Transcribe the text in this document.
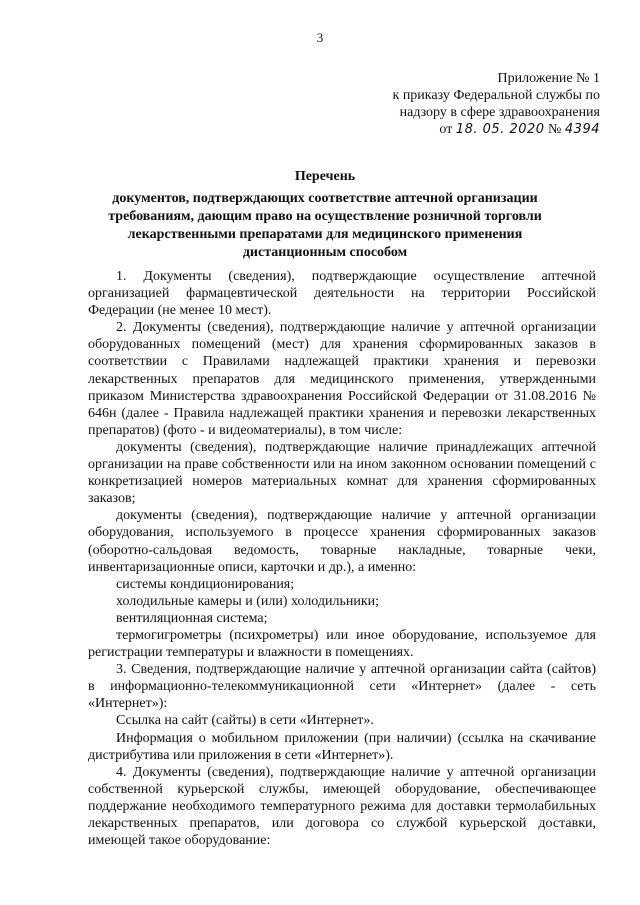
3
Приложение № 1
к приказу Федеральной службы по
надзору в сфере здравоохранения
от 18. 05. 2020 № 4394
Перечень
документов, подтверждающих соответствие аптечной организации требованиям, дающим право на осуществление розничной торговли лекарственными препаратами для медицинского применения дистанционным способом

1. Документы (сведения), подтверждающие осуществление аптечной организацией фармацевтической деятельности на территории Российской Федерации (не менее 10 мест).

2. Документы (сведения), подтверждающие наличие у аптечной организации оборудованных помещений (мест) для хранения сформированных заказов в соответствии с Правилами надлежащей практики хранения и перевозки лекарственных препаратов для медицинского применения, утвержденными приказом Министерства здравоохранения Российской Федерации от 31.08.2016 № 646н (далее - Правила надлежащей практики хранения и перевозки лекарственных препаратов) (фото - и видеоматериалы), в том числе:

документы (сведения), подтверждающие наличие принадлежащих аптечной организации на праве собственности или на ином законном основании помещений с конкретизацией номеров материальных комнат для хранения сформированных заказов;

документы (сведения), подтверждающие наличие у аптечной организации оборудования, используемого в процессе хранения сформированных заказов (оборотно-сальдовая ведомость, товарные накладные, товарные чеки, инвентаризационные описи, карточки и др.), а именно:

системы кондиционирования;

холодильные камеры и (или) холодильники;

вентиляционная система;

термогигрометры (психрометры) или иное оборудование, используемое для регистрации температуры и влажности в помещениях.

3. Сведения, подтверждающие наличие у аптечной организации сайта (сайтов) в информационно-телекоммуникационной сети «Интернет» (далее - сеть «Интернет»):

Ссылка на сайт (сайты) в сети «Интернет».

Информация о мобильном приложении (при наличии) (ссылка на скачивание дистрибутива или приложения в сети «Интернет»).

4. Документы (сведения), подтверждающие наличие у аптечной организации собственной курьерской службы, имеющей оборудование, обеспечивающее поддержание необходимого температурного режима для доставки термолабильных лекарственных препаратов, или договора со службой курьерской доставки, имеющей такое оборудование:
